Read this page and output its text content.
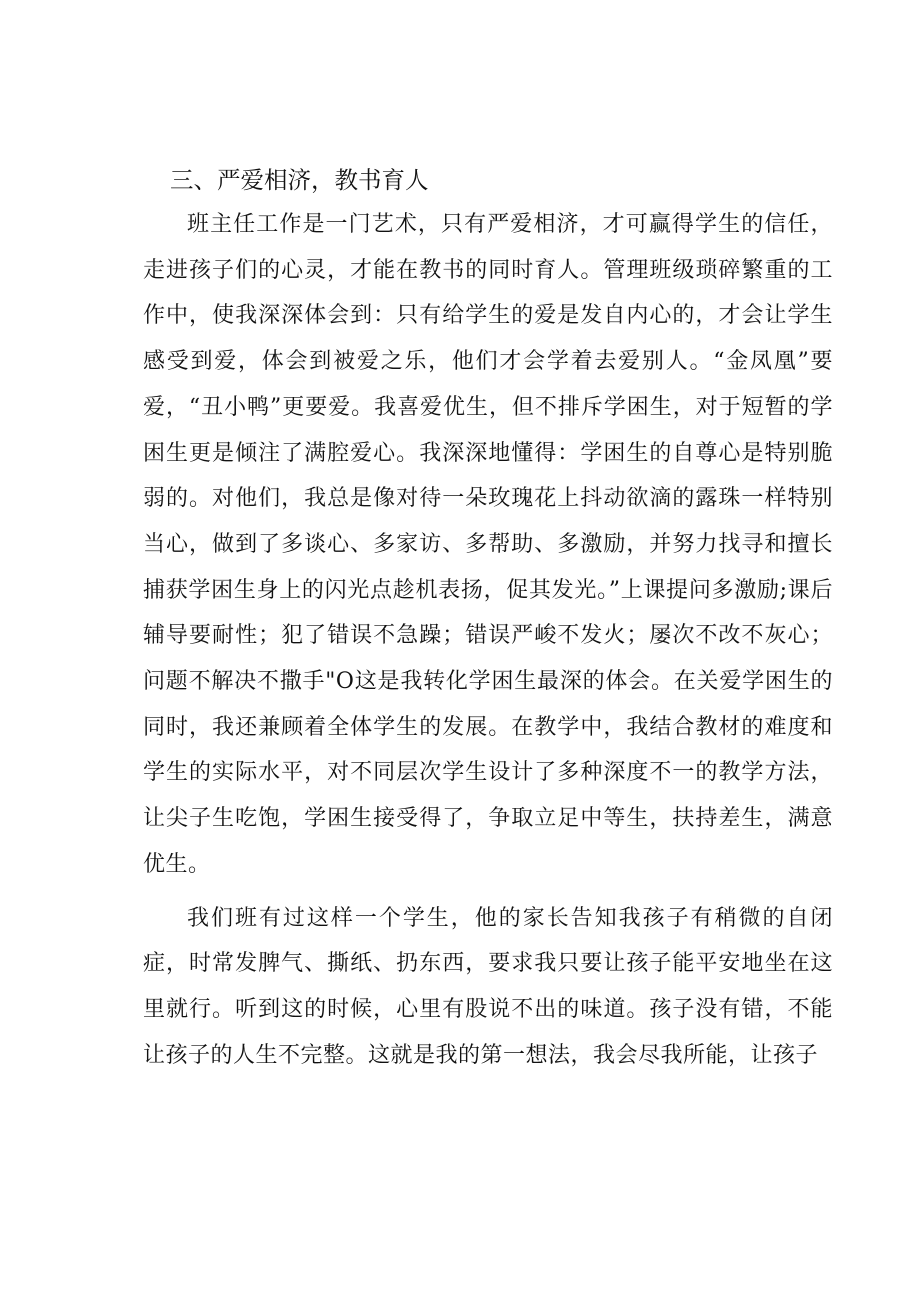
三、严爱相济，教书育人

班主任工作是一门艺术，只有严爱相济，才可赢得学生的信任，走进孩子们的心灵，才能在教书的同时育人。管理班级琐碎繁重的工作中，使我深深体会到：只有给学生的爱是发自内心的，才会让学生感受到爱，体会到被爱之乐，他们才会学着去爱别人。“金凤凰”要爱，“丑小鸭”更要爱。我喜爱优生，但不排斥学困生，对于短暂的学困生更是倾注了满腔爱心。我深深地懂得：学困生的自尊心是特别脆弱的。对他们，我总是像对待一朵玫瑰花上抖动欲滴的露珠一样特别当心，做到了多谈心、多家访、多帮助、多激励，并努力找寻和擅长捕获学困生身上的闪光点趁机表扬，促其发光。”上课提问多激励;课后辅导要耐性；犯了错误不急躁；错误严峻不发火；屡次不改不灰心；问题不解决不撒手"O这是我转化学困生最深的体会。在关爱学困生的同时，我还兼顾着全体学生的发展。在教学中，我结合教材的难度和学生的实际水平，对不同层次学生设计了多种深度不一的教学方法，让尖子生吃饱，学困生接受得了，争取立足中等生，扶持差生，满意优生。

我们班有过这样一个学生，他的家长告知我孩子有稍微的自闭症，时常发脾气、撕纸、扔东西，要求我只要让孩子能平安地坐在这里就行。听到这的时候，心里有股说不出的味道。孩子没有错，不能让孩子的人生不完整。这就是我的第一想法，我会尽我所能，让孩子
